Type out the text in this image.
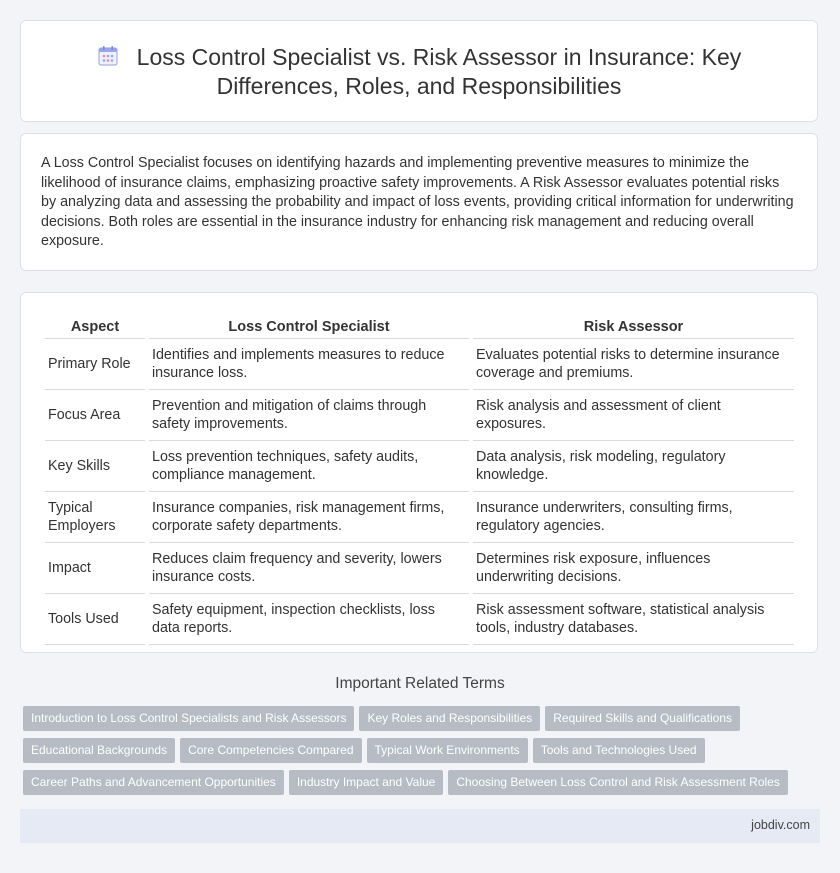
Loss Control Specialist vs. Risk Assessor in Insurance: Key
Differences, Roles, and Responsibilities
A Loss Control Specialist focuses on identifying hazards and implementing preventive measures to minimize the likelihood of insurance claims, emphasizing proactive safety improvements. A Risk Assessor evaluates potential risks by analyzing data and assessing the probability and impact of loss events, providing critical information for underwriting decisions. Both roles are essential in the insurance industry for enhancing risk management and reducing overall exposure.
Aspect	Loss Control Specialist	Risk Assessor
Primary Role	Identifies and implements measures to reduce insurance loss.	Evaluates potential risks to determine insurance coverage and premiums.
Focus Area	Prevention and mitigation of claims through safety improvements.	Risk analysis and assessment of client exposures.
Key Skills	Loss prevention techniques, safety audits, compliance management.	Data analysis, risk modeling, regulatory knowledge.
Typical Employers	Insurance companies, risk management firms, corporate safety departments.	Insurance underwriters, consulting firms, regulatory agencies.
Impact	Reduces claim frequency and severity, lowers insurance costs.	Determines risk exposure, influences underwriting decisions.
Tools Used	Safety equipment, inspection checklists, loss data reports.	Risk assessment software, statistical analysis tools, industry databases.
Important Related Terms
Introduction to Loss Control Specialists and Risk Assessors Key Roles and Responsibilities Required Skills and Qualifications
Educational Backgrounds Core Competencies Compared Typical Work Environments Tools and Technologies Used
Career Paths and Advancement Opportunities Industry Impact and Value Choosing Between Loss Control and Risk Assessment Roles
jobdiv.com
